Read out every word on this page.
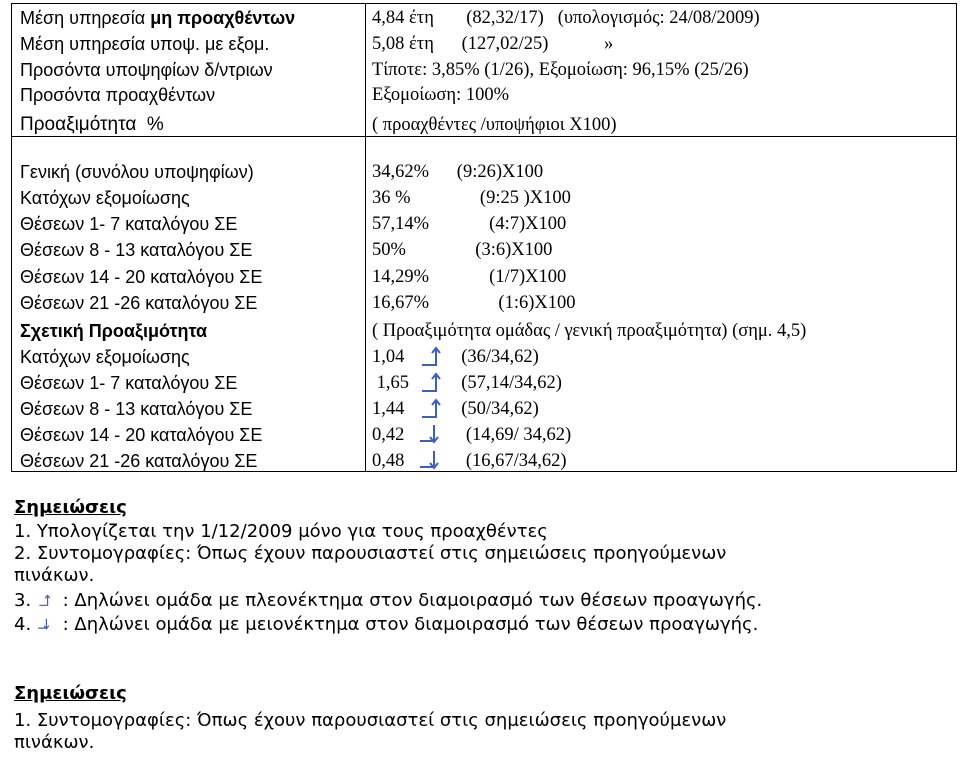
Μέση υπηρεσία μη προαχθέντων	4,84 έτη       (82,32/17)   (υπολογισμός: 24/08/2009)
Μέση υπηρεσία υποψ. με εξομ.	5,08 έτη      (127,02/25)            »
Προσόντα υποψηφίων δ/ντριων	Τίποτε: 3,85% (1/26), Εξομοίωση: 96,15% (25/26)
Προσόντα προαχθέντων	Εξομοίωση: 100%
Προαξιμότητα  %	( προαχθέντες /υποψήφιοι Χ100)
Γενική (συνόλου υποψηφίων)	34,62%      (9:26)Χ100
Κατόχων εξομοίωσης	36 %               (9:25 )Χ100
Θέσεων 1- 7 καταλόγου ΣΕ	57,14%             (4:7)Χ100
Θέσεων 8 - 13 καταλόγου ΣΕ	50%               (3:6)Χ100
Θέσεων 14 - 20 καταλόγου ΣΕ	14,29%             (1/7)Χ100
Θέσεων 21 -26 καταλόγου ΣΕ	16,67%               (1:6)Χ100
Σχετική Προαξιμότητα	( Προαξιμότητα ομάδας / γενική προαξιμότητα) (σημ. 4,5)
Κατόχων εξομοίωσης	1,04	(36/34,62)
Θέσεων 1- 7 καταλόγου ΣΕ	1,65  (57,14/34,62)
Θέσεων 8 - 13 καταλόγου ΣΕ	1,44	(50/34,62)
Θέσεων 14 - 20 καταλόγου ΣΕ	0,42	(14,69/ 34,62)
Θέσεων 21 -26 καταλόγου ΣΕ	0,48	(16,67/34,62)
Σημειώσεις
1. Υπολογίζεται την 1/12/2009 μόνο για τους προαχθέντες
2. Συντομογραφίες: Όπως έχουν παρουσιαστεί στις σημειώσεις προηγούμενων
πινάκων.
3.  : Δηλώνει ομάδα με πλεονέκτημα στον διαμοιρασμό των θέσεων προαγωγής.
4.  : Δηλώνει ομάδα με μειονέκτημα στον διαμοιρασμό των θέσεων προαγωγής.
Σημειώσεις
1. Συντομογραφίες: Όπως έχουν παρουσιαστεί στις σημειώσεις προηγούμενων
πινάκων.
